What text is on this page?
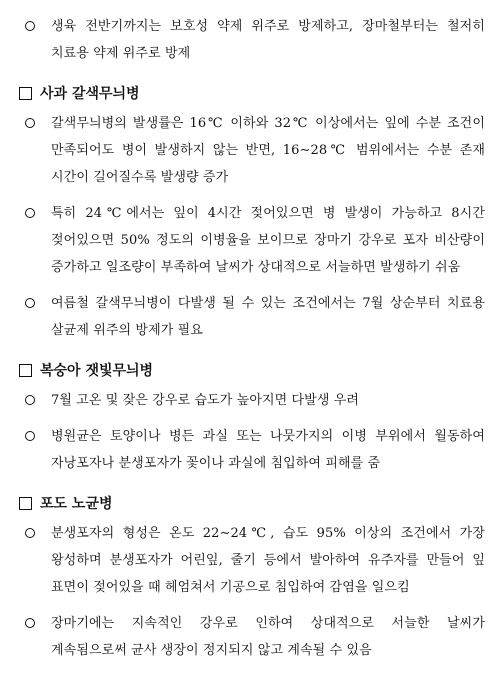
생육 전반기까지는 보호성 약제 위주로 방제하고, 장마철부터는 철저히 치료용 약제 위주로 방제
사과 갈색무늬병
갈색무늬병의 발생률은 16℃ 이하와 32℃ 이상에서는 잎에 수분 조건이 만족되어도 병이 발생하지 않는 반면, 16∼28℃ 범위에서는 수분 존재 시간이 길어질수록 발생량 증가
특히 24℃에서는 잎이 4시간 젖어있으면 병 발생이 가능하고 8시간 젖어있으면 50% 정도의 이병율을 보이므로 장마기 강우로 포자 비산량이 증가하고 일조량이 부족하여 날씨가 상대적으로 서늘하면 발생하기 쉬움
여름철 갈색무늬병이 다발생 될 수 있는 조건에서는 7월 상순부터 치료용 살균제 위주의 방제가 필요
복숭아 잿빛무늬병
7월 고온 및 잦은 강우로 습도가 높아지면 다발생 우려
병원균은 토양이나 병든 과실 또는 나뭇가지의 이병 부위에서 월동하여 자낭포자나 분생포자가 꽃이나 과실에 침입하여 피해를 줌
포도 노균병
분생포자의 형성은 온도 22∼24℃, 습도 95% 이상의 조건에서 가장 왕성하며 분생포자가 어린잎, 줄기 등에서 발아하여 유주자를 만들어 잎 표면이 젖어있을 때 헤엄쳐서 기공으로 침입하여 감염을 일으킴
장마기에는 지속적인 강우로 인하여 상대적으로 서늘한 날씨가 계속됨으로써 균사 생장이 정지되지 않고 계속될 수 있음
